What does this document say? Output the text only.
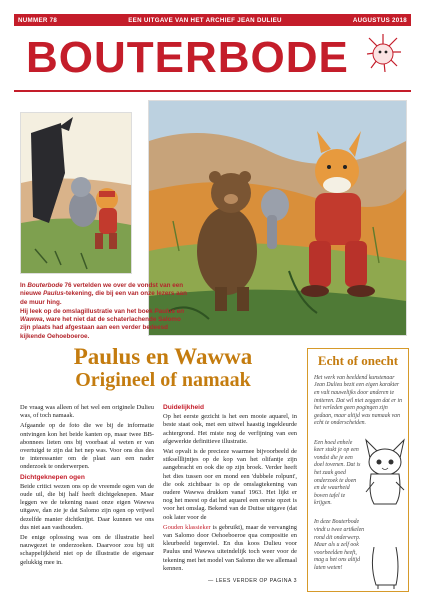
NUMMER 78	EEN UITGAVE VAN HET ARCHIEF JEAN DULIEU	AUGUSTUS 2018
BOUTERBODE

In Bouterbode 76 vertelden we over de vondst van een nieuwe Paulus-tekening, die bij een van onze lezers aan de muur hing.

Hij leek op de omslagillustratie van het boek Paulus en Wawwa, ware het niet dat de schaterlachende Salomo zijn plaats had afgestaan aan een verder bedeesd kijkende Oehoeboeroe.

Paulus en Wawwa
Origineel of namaak

De vraag was alleen of het wel een originele Dulieu was, of toch namaak.

Afgaande op de foto die we bij de informatie ontvingen kon het beide kanten op, maar twee BB-abonnees lieten ons bij voorbaat al weten er van overtuigd te zijn dat het nep was. Voor ons dus des te interessanter om de plaat aan een nader onderzoek te onderwerpen.

Dichtgeknepen ogen

Beide critici wezen ons op de vreemde ogen van de oude uil, die bij half heeft dichtgeknepen. Maar leggen we de tekening naast onze eigen Wawwa uitgave, dan zie je dat Salomo zijn ogen op vrijwel dezelfde manier dichtknijpt. Daar kunnen we ons dus niet aan vasthouden.

De enige oplossing was om de illustratie heel nauwgezet te onderzoeken. Daarvoor zou bij uit schappelijkheid niet op de illustratie de eigenaar gelukkig mee in.

Duidelijkheid

Op het eerste gezicht is het een mooie aquarel, in beste staat ook, met een uitwel haastig ingekleurde achtergrond. Het miste nog de verfijning van een afgewerkte definitieve illustratie.

Wat opvalt is de precieze waarmee bijvoorbeeld de stikselllijntjes op de kop van het olifantje zijn aangebracht en ook die op zijn broek. Verder heeft het dies tussen oor en mond een 'dubbele rolpunt', die ook zichtbaar is op de omslagtekening van oudere Wawwa drukken vanaf 1963. Het lijkt er nog het meest op dat het aquarel een eerste opzet is voor het omslag. Bekend van de Duitse uitgave (dat ook later voor de

Gouden klassieker is gebruikt), maar de vervanging van Salomo door Oehoeboeroe qua compositie en kleurbeeld tegenviel. En dus koos Dulieu voor Paulus und Wawwa uiteindelijk toch weer voor de tekening met het model van Salomo die we allemaal kennen.

— LEES VERDER OP PAGINA 3
Echt of onecht

Het werk van beeldend kunstenaar Jean Dulieu bezit een eigen karakter en valt nauwelijks door anderen te imiteren. Dat wil niet zeggen dat er in het verleden geen pogingen zijn gedaan, maar altijd was namaak van echt te onderscheiden.

Een hoed enhele keer stukt je op een vondst die je een doel tovenen. Dat is het zaak goed onderzoek te doen en de waarheid boven tafel te krijgen.

In deze Bouterbode vindt u twee artikelen rond dit onderwerp. Maar als u zelf ook voorbeelden heeft, mag u het ons altijd laten weten!
